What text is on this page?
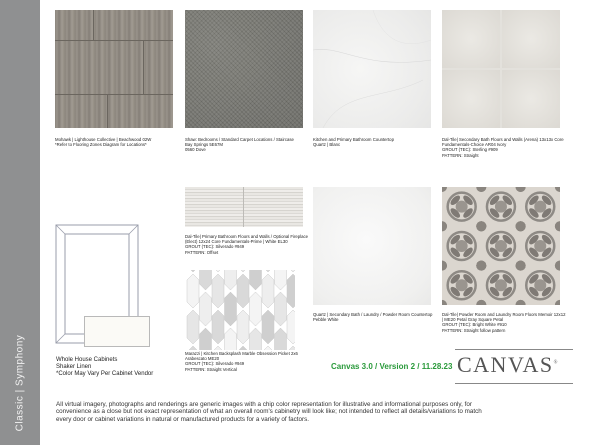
Classic | Symphony
Mohawk | Lighthouse Collective | Beachwood 02W
*Refer to Flooring Zones Diagram for Locations*
Shaw: Bedrooms / Standard Carpet Locations / Staircase
Bay Springs 5E67M
0560 Dove
Kitchen and Primary Bathroom Countertop
Quartz | Blanc
Dal-Tile| Secondary Bath Floors and Walls (Arena) 13x13x Core Fundamentals-Choice AR04 Ivory
GROUT (TEC): Sterling #909
PATTERN: Straight
Whole House Cabinets
Shaker Linen
*Color May Vary Per Cabinet Vendor
Dal-Tile| Primary Bathroom Floors and Walls / Optional Fireplace
(Elect) 12x24 Core Fundamentals-Prime | White EL30
GROUT (TEC): Silverado #949
PATTERN: Offset
Marazzi | Kitchen Backsplash Marble Obsession Picket 2x6 Arabescato ME20
GROUT (TEC): Silverado #949
PATTERN: Straight Vertical
Quartz | Secondary Bath / Laundry / Powder Room Countertop
Pebble White
Dal-Tile| Powder Room and Laundry Room Floors Memoir 12x12 | ME20 Petal Gray Square Petal
GROUT (TEC): Bright White #910
PATTERN: Straight follow pattern
Canvas 3.0 / Version 2 / 11.28.23 CANVAS®
All virtual imagery, photographs and renderings are generic images with a chip color representation for illustrative and informational purposes only, for
convenience as a close but not exact representation of what an overall room's cabinetry will look like; not intended to reflect all details/variations to match
every door or cabinet variations in natural or manufactured products for a variety of factors.
